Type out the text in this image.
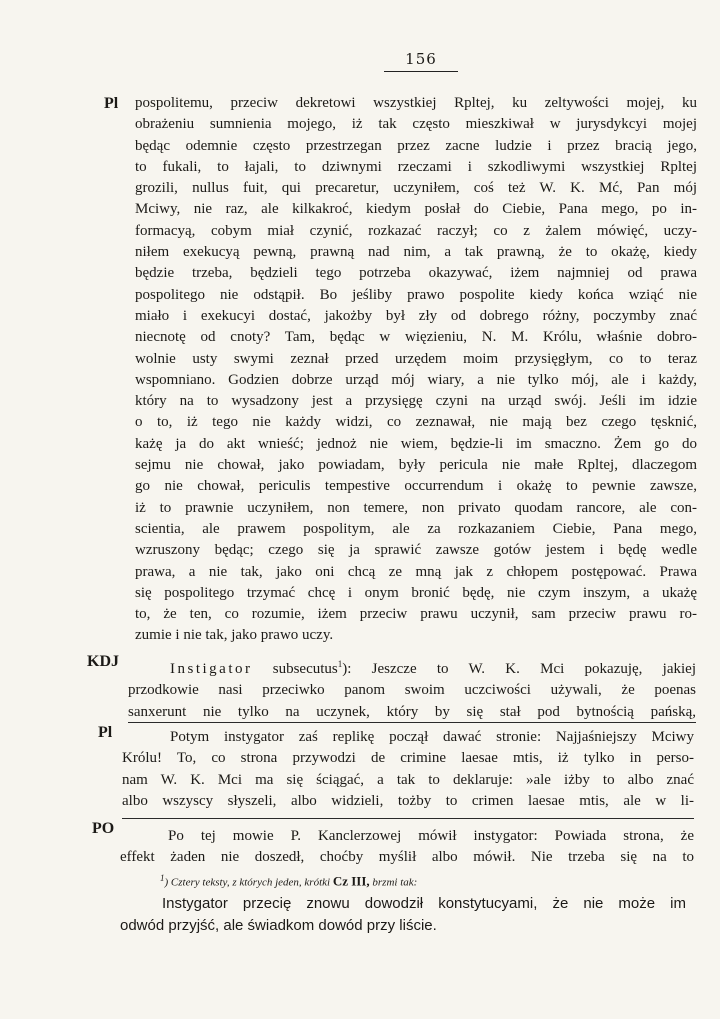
156
Pl pospolitemu, przeciw dekretowi wszystkiej Rpltej, ku zeltywości mojej, ku
obrażeniu sumnienia mojego, iż tak często mieszkiwał w jurysdykcyi mojej
będąc odemnie często przestrzegan przez zacne ludzie i przez bracią jego,
to fukali, to łajali, to dziwnymi rzeczami i szkodliwymi wszystkiej Rpltej
grozili, nullus fuit, qui precaretur, uczyniłem, coś też W. K. Mć, Pan mój
Mciwy, nie raz, ale kilkakroć, kiedym posłał do Ciebie, Pana mego, po in-
formacyą, cobym miał czynić, rozkazać raczył; co z żalem mówięć, uczy-
niłem exekucyą pewną, prawną nad nim, a tak prawną, że to okażę, kiedy
będzie trzeba, będzieli tego potrzeba okazywać, iżem najmniej od prawa
pospolitego nie odstąpił. Bo jeśliby prawo pospolite kiedy końca wziąć nie
miało i exekucyi dostać, jakożby był zły od dobrego różny, poczymby znać
niecnotę od cnoty? Tam, będąc w więzieniu, N. M. Królu, właśnie dobro-
wolnie usty swymi zeznał przed urzędem moim przysięgłym, co to teraz
wspomniano. Godzien dobrze urząd mój wiary, a nie tylko mój, ale i każdy,
który na to wysadzony jest a przysięgę czyni na urząd swój. Jeśli im idzie
o to, iż tego nie każdy widzi, co zeznawał, nie mają bez czego tęsknić,
każę ja do akt wnieść; jednoż nie wiem, będzie-li im smaczno. Żem go do
sejmu nie chował, jako powiadam, były pericula nie małe Rpltej, dlaczegom
go nie chował, periculis tempestive occurrendum i okażę to pewnie zawsze,
iż to prawnie uczyniłem, non temere, non privato quodam rancore, ale con-
scientia, ale prawem pospolitym, ale za rozkazaniem Ciebie, Pana mego,
wzruszony będąc; czego się ja sprawić zawsze gotów jestem i będę wedle
prawa, a nie tak, jako oni chcą ze mną jak z chłopem postępować. Prawa
się pospolitego trzymać chcę i onym bronić będę, nie czym inszym, a ukażę
to, że ten, co rozumie, iżem przeciw prawu uczynił, sam przeciw prawu ro-
zumie i nie tak, jako prawo uczy.
KDJ	Instigator subsecutus$^1$): Jeszcze to W. K. Mci pokazuję, jakiej
przodkowie nasi przeciwko panom swoim uczciwości używali, że poenas
sanxerunt nie tylko na uczynek, który by się stał pod bytnością pańską,
Pl	Potym instygator zaś replikę począł dawać stronie: Najjaśniejszy Mciwy
Królu! To, co strona przywodzi de crimine laesae mtis, iż tylko in perso-
nam W. K. Mci ma się ściągać, a tak to deklaruje: »ale iżby to albo znać
albo wszyscy słyszeli, albo widzieli, tożby to crimen laesae mtis, ale w li-
PO	Po tej mowie P. Kanclerzowej mówił instygator: Powiada strona, że
effekt żaden nie doszedł, choćby myślił albo mówił. Nie trzeba się na to
$^1$) Cztery teksty, z których jeden, krótki Cz III, brzmi tak:
Instygator przecię znowu dowodził konstytucyami, że nie może im
odwód przyjść, ale świadkom dowód przy liście.
